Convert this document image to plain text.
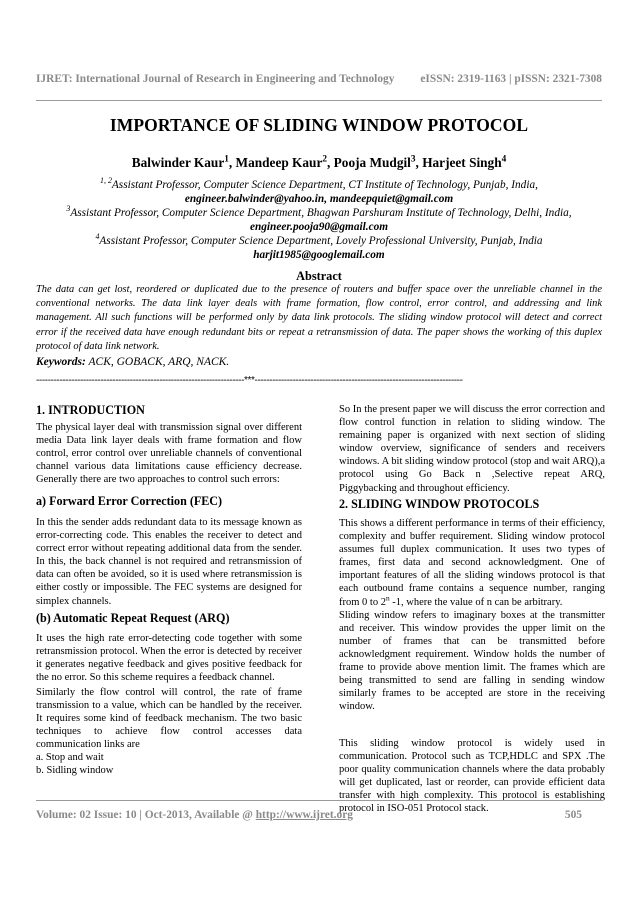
IJRET: International Journal of Research in Engineering and Technology eISSN: 2319-1163 | pISSN: 2321-7308
IMPORTANCE OF SLIDING WINDOW PROTOCOL
Balwinder Kaur$^1$, Mandeep Kaur$^2$, Pooja Mudgil$^3$, Harjeet Singh$^4$
$^{1, 2}$Assistant Professor, Computer Science Department, CT Institute of Technology, Punjab, India,
engineer.balwinder@yahoo.in, mandeepquiet@gmail.com
$^3$Assistant Professor, Computer Science Department, Bhagwan Parshuram Institute of Technology, Delhi, India,
engineer.pooja90@gmail.com
$^4$Assistant Professor, Computer Science Department, Lovely Professional University, Punjab, India
harjit1985@googlemail.com
Abstract
The data can get lost, reordered or duplicated due to the presence of routers and buffer space over the unreliable channel in the conventional networks. The data link layer deals with frame formation, flow control, error control, and addressing and link management. All such functions will be performed only by data link protocols. The sliding window protocol will detect and correct error if the received data have enough redundant bits or repeat a retransmission of data. The paper shows the working of this duplex protocol of data link network.
Keywords: ACK, GOBACK, ARQ, NACK.
-----------------------------------------------------------------------***-----------------------------------------------------------------------
1. INTRODUCTION

The physical layer deal with transmission signal over different media Data link layer deals with frame formation and flow control, error control over unreliable channels of conventional channel various data limitations cause efficiency decrease. Generally there are two approaches to control such errors:

a) Forward Error Correction (FEC)

In this the sender adds redundant data to its message known as error-correcting code. This enables the receiver to detect and correct error without repeating additional data from the sender. In this, the back channel is not required and retransmission of data can often be avoided, so it is used where retransmission is either costly or impossible. The FEC systems are designed for simplex channels.

(b) Automatic Repeat Request (ARQ)

It uses the high rate error-detecting code together with some retransmission protocol. When the error is detected by receiver it generates negative feedback and gives positive feedback for the no error. So this scheme requires a feedback channel.

Similarly the flow control will control, the rate of frame transmission to a value, which can be handled by the receiver. It requires some kind of feedback mechanism. The two basic techniques to achieve flow control accesses data communication links are

a. Stop and wait

b. Sidling window

So In the present paper we will discuss the error correction and flow control function in relation to sliding window. The remaining paper is organized with next section of sliding window overview, significance of senders and receivers windows. A bit sliding window protocol (stop and wait ARQ),a protocol using Go Back n ,Selective repeat ARQ, Piggybacking and throughout efficiency.

2. SLIDING WINDOW PROTOCOLS

This shows a different performance in terms of their efficiency, complexity and buffer requirement. Sliding window protocol assumes full duplex communication. It uses two types of frames, first data and second acknowledgment. One of important features of all the sliding windows protocol is that each outbound frame contains a sequence number, ranging from 0 to 2$^n$ -1, where the value of n can be arbitrary.

Sliding window refers to imaginary boxes at the transmitter and receiver. This window provides the upper limit on the number of frames that can be transmitted before acknowledgment requirement. Window holds the number of frame to provide above mention limit. The frames which are being transmitted to send are falling in sending window similarly frames to be accepted are store in the receiving window.

This sliding window protocol is widely used in communication. Protocol such as TCP,HDLC and SPX .The poor quality communication channels where the data probably will get duplicated, last or reorder, can provide efficient data transfer with high complexity. This protocol is establishing protocol in ISO-051 Protocol stack.

Volume: 02 Issue: 10 | Oct-2013, Available @ http://www.ijret.org	505
